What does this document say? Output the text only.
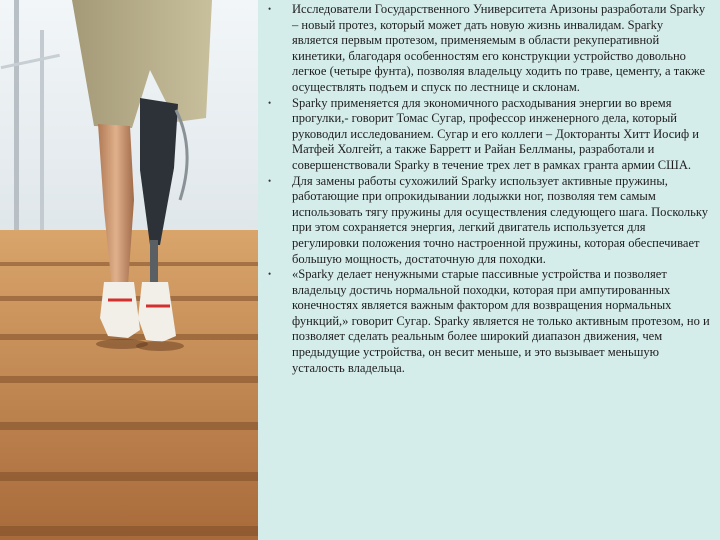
• Исследователи Государственного Университета Аризоны разработали Sparky – новый протез, который может дать новую жизнь инвалидам. Sparky является первым протезом, применяемым в области рекуперативной кинетики, благодаря особенностям его конструкции устройство довольно легкое (четыре фунта), позволяя владельцу ходить по траве, цементу, а также осуществлять подъем и спуск по лестнице и склонам.
• Sparky применяется для экономичного расходывания энергии во время прогулки,- говорит Томас Сугар, профессор инженерного дела, который руководил исследованием. Сугар и его коллеги – Докторанты Хитт Иосиф и Матфей Холгейт, а также Барретт и Райан Беллманы, разработали и совершенствовали Sparky в течение трех лет в рамках гранта армии США.
• Для замены работы сухожилий Sparky использует активные пружины, работающие при опрокидывании лодыжки ног, позволяя тем самым использовать тягу пружины для осуществления следующего шага. Поскольку при этом сохраняется энергия, легкий двигатель используется для регулировки положения точно настроенной пружины, которая обеспечивает большую мощность, достаточную для походки.
• «Sparky делает ненужными старые пассивные устройства и позволяет владельцу достичь нормальной походки, которая при ампутированных конечностях является важным фактором для возвращения нормальных функций,» говорит Сугар. Sparky является не только активным протезом, но и позволяет сделать реальным более широкий диапазон движения, чем предыдущие устройства, он весит меньше, и это вызывает меньшую усталость владельца.
